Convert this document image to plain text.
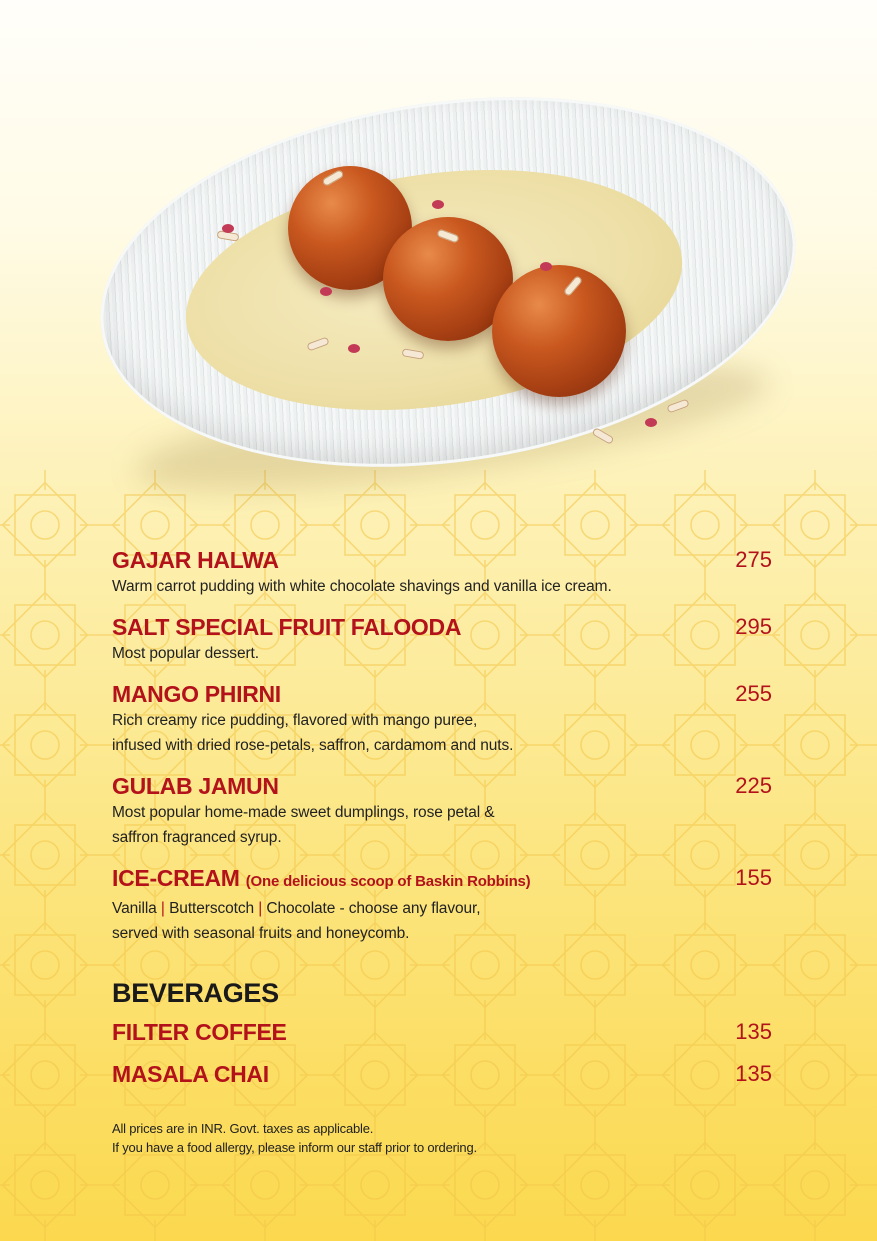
GAJAR HALWA	275
Warm carrot pudding with white chocolate shavings and vanilla ice cream.
SALT SPECIAL FRUIT FALOODA	295
Most popular dessert.
MANGO PHIRNI	255
Rich creamy rice pudding, flavored with mango puree,
infused with dried rose-petals, saffron, cardamom and nuts.
GULAB JAMUN	225
Most popular home-made sweet dumplings, rose petal &
saffron fragranced syrup.
ICE-CREAM (One delicious scoop of Baskin Robbins)	155
Vanilla | Butterscotch | Chocolate - choose any flavour,
served with seasonal fruits and honeycomb.
BEVERAGES
FILTER COFFEE	135
MASALA CHAI	135
All prices are in INR. Govt. taxes as applicable.
If you have a food allergy, please inform our staff prior to ordering.
